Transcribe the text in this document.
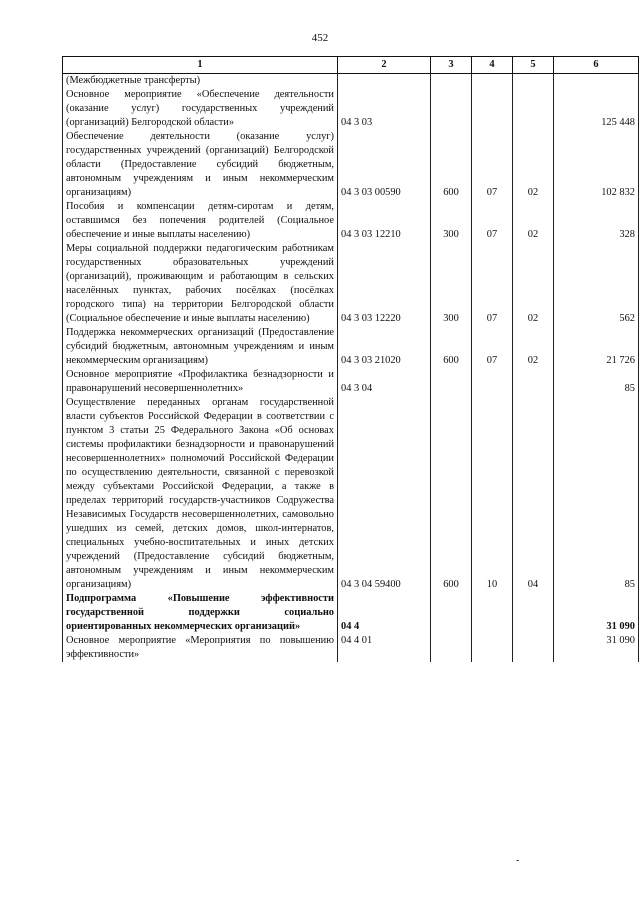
452
1	2	3	4	5	6
(Межбюджетные трансферты)					
Основное мероприятие «Обеспечение деятельности (оказание услуг) государственных учреждений (организаций) Белгородской области»	04 3 03				125 448
Обеспечение деятельности (оказание услуг) государственных учреждений (организаций) Белгородской области (Предоставление субсидий бюджетным, автономным учреждениям и иным некоммерческим организациям)	04 3 03 00590	600	07	02	102 832
Пособия и компенсации детям-сиротам и детям, оставшимся без попечения родителей (Социальное обеспечение и иные выплаты населению)	04 3 03 12210	300	07	02	328
Меры социальной поддержки педагогическим работникам государственных образовательных учреждений (организаций), проживающим и работающим в сельских населённых пунктах, рабочих посёлках (посёлках городского типа) на территории Белгородской области (Социальное обеспечение и иные выплаты населению)	04 3 03 12220	300	07	02	562
Поддержка некоммерческих организаций (Предоставление субсидий бюджетным, автономным учреждениям и иным некоммерческим организациям)	04 3 03 21020	600	07	02	21 726
Основное мероприятие «Профилактика безнадзорности и правонарушений несовершеннолетних»	04 3 04				85
Осуществление переданных органам государственной власти субъектов Российской Федерации в соответствии с пунктом 3 статьи 25 Федерального Закона «Об основах системы профилактики безнадзорности и правонарушений несовершеннолетних» полномочий Российской Федерации по осуществлению деятельности, связанной с перевозкой между субъектами Российской Федерации, а также в пределах территорий государств-участников Содружества Независимых Государств несовершеннолетних, самовольно ушедших из семей, детских домов, школ-интернатов, специальных учебно-воспитательных и иных детских учреждений (Предоставление субсидий бюджетным, автономным учреждениям и иным некоммерческим организациям)	04 3 04 59400	600	10	04	85
Подпрограмма «Повышение эффективности государственной поддержки социально ориентированных некоммерческих организаций»	04 4				31 090
Основное мероприятие «Мероприятия по повышению эффективности»	04 4 01				31 090
-
